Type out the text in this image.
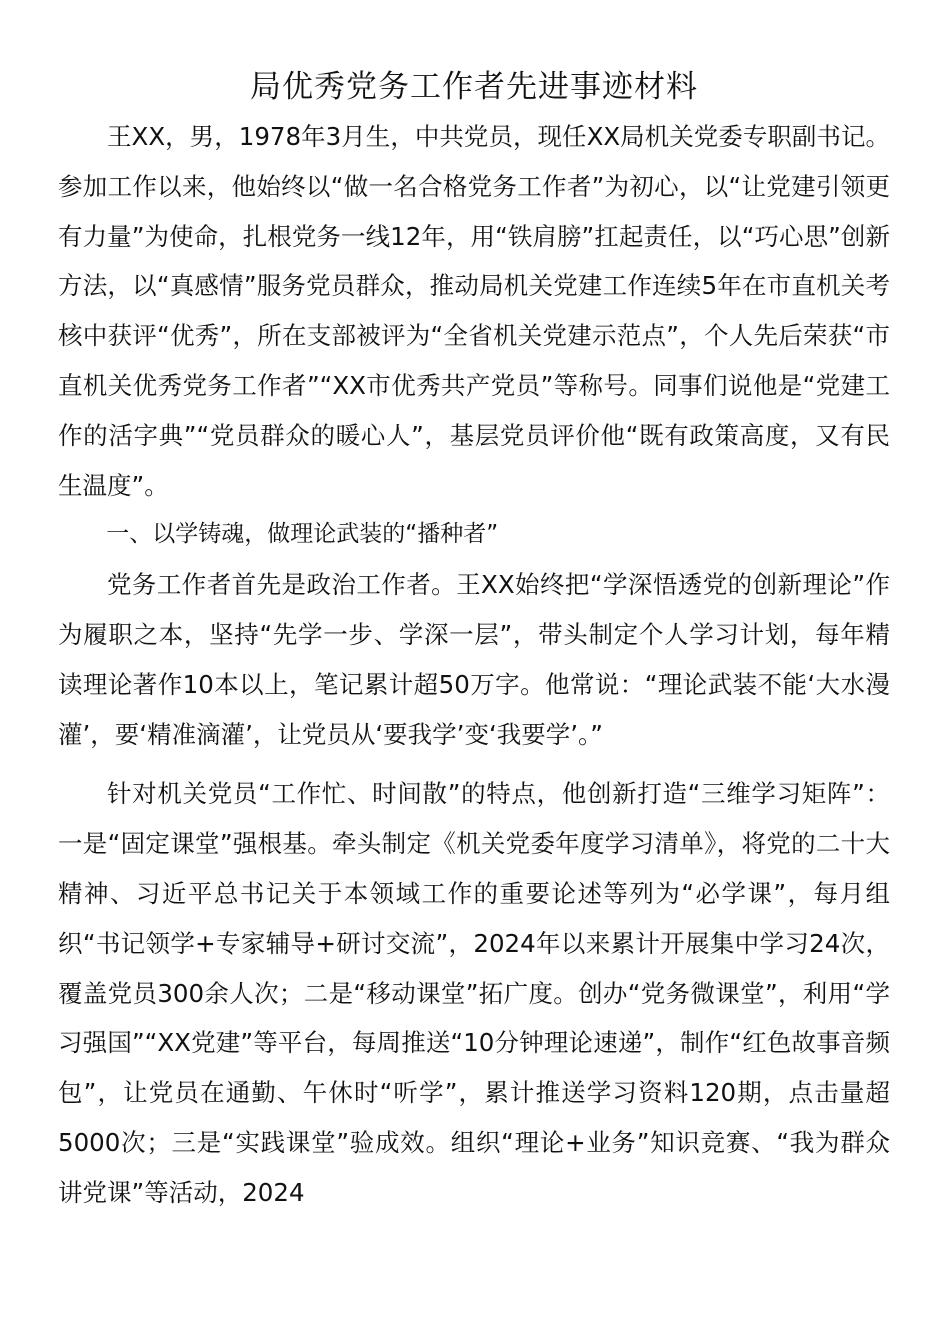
局优秀党务工作者先进事迹材料

王XX，男，1978年3月生，中共党员，现任XX局机关党委专职副书记。参加工作以来，他始终以“做一名合格党务工作者”为初心，以“让党建引领更有力量”为使命，扎根党务一线12年，用“铁肩膀”扛起责任，以“巧心思”创新方法，以“真感情”服务党员群众，推动局机关党建工作连续5年在市直机关考核中获评“优秀”，所在支部被评为“全省机关党建示范点”，个人先后荣获“市直机关优秀党务工作者”“XX市优秀共产党员”等称号。同事们说他是“党建工作的活字典”“党员群众的暖心人”，基层党员评价他“既有政策高度，又有民生温度”。

一、以学铸魂，做理论武装的“播种者”

党务工作者首先是政治工作者。王XX始终把“学深悟透党的创新理论”作为履职之本，坚持“先学一步、学深一层”，带头制定个人学习计划，每年精读理论著作10本以上，笔记累计超50万字。他常说：“理论武装不能‘大水漫灌’，要‘精准滴灌’，让党员从‘要我学’变‘我要学’。”

针对机关党员“工作忙、时间散”的特点，他创新打造“三维学习矩阵”：一是“固定课堂”强根基。牵头制定《机关党委年度学习清单》，将党的二十大精神、习近平总书记关于本领域工作的重要论述等列为“必学课”，每月组织“书记领学+专家辅导+研讨交流”，2024年以来累计开展集中学习24次，覆盖党员300余人次；二是“移动课堂”拓广度。创办“党务微课堂”，利用“学习强国”“XX党建”等平台，每周推送“10分钟理论速递”，制作“红色故事音频包”，让党员在通勤、午休时“听学”，累计推送学习资料120期，点击量超5000次；三是“实践课堂”验成效。组织“理论+业务”知识竞赛、“我为群众讲党课”等活动，2024
